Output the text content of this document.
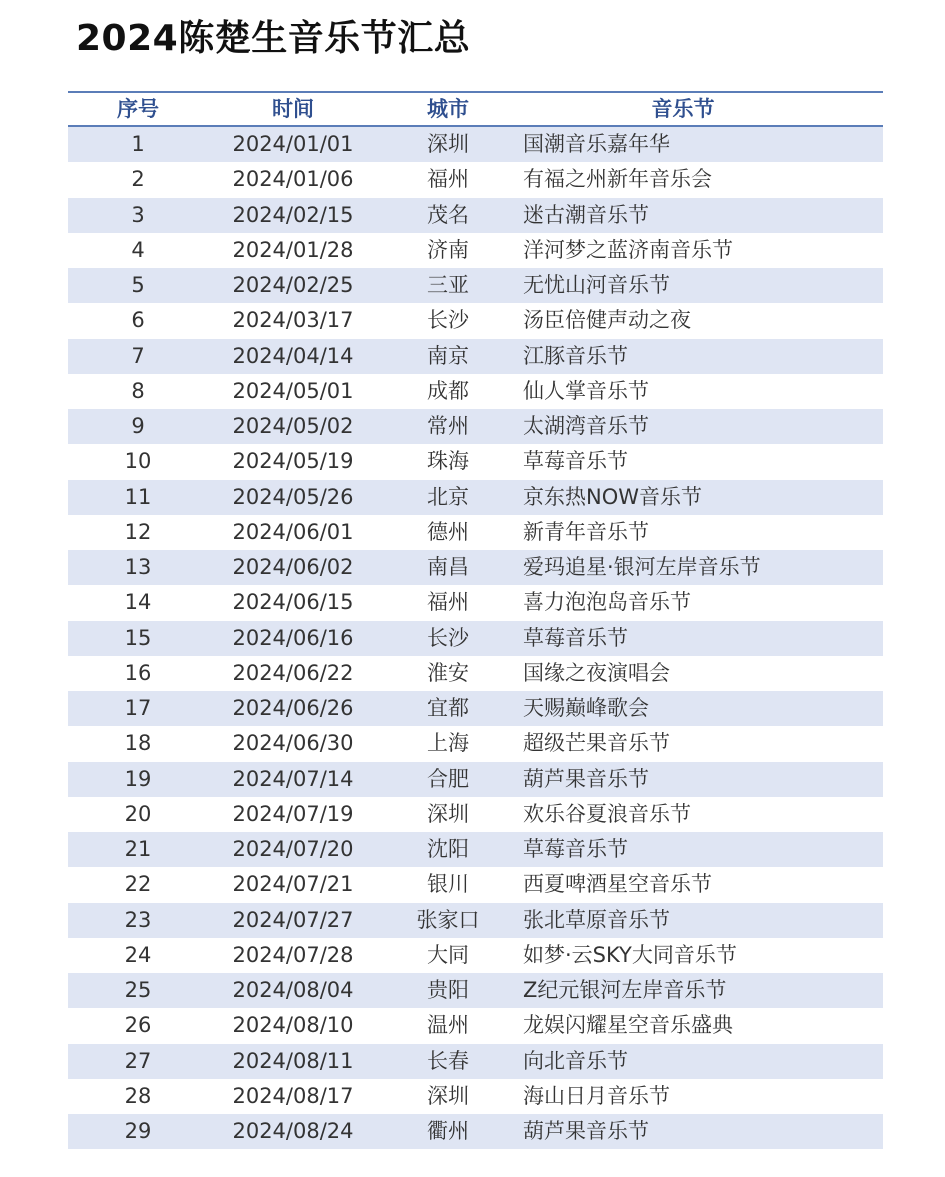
2024陈楚生音乐节汇总
序号	时间	城市	音乐节
1	2024/01/01	深圳	国潮音乐嘉年华
2	2024/01/06	福州	有福之州新年音乐会
3	2024/02/15	茂名	迷古潮音乐节
4	2024/01/28	济南	洋河梦之蓝济南音乐节
5	2024/02/25	三亚	无忧山河音乐节
6	2024/03/17	长沙	汤臣倍健声动之夜
7	2024/04/14	南京	江豚音乐节
8	2024/05/01	成都	仙人掌音乐节
9	2024/05/02	常州	太湖湾音乐节
10	2024/05/19	珠海	草莓音乐节
11	2024/05/26	北京	京东热NOW音乐节
12	2024/06/01	德州	新青年音乐节
13	2024/06/02	南昌	爱玛追星·银河左岸音乐节
14	2024/06/15	福州	喜力泡泡岛音乐节
15	2024/06/16	长沙	草莓音乐节
16	2024/06/22	淮安	国缘之夜演唱会
17	2024/06/26	宜都	天赐巅峰歌会
18	2024/06/30	上海	超级芒果音乐节
19	2024/07/14	合肥	葫芦果音乐节
20	2024/07/19	深圳	欢乐谷夏浪音乐节
21	2024/07/20	沈阳	草莓音乐节
22	2024/07/21	银川	西夏啤酒星空音乐节
23	2024/07/27	张家口	张北草原音乐节
24	2024/07/28	大同	如梦·云SKY大同音乐节
25	2024/08/04	贵阳	Z纪元银河左岸音乐节
26	2024/08/10	温州	龙娱闪耀星空音乐盛典
27	2024/08/11	长春	向北音乐节
28	2024/08/17	深圳	海山日月音乐节
29	2024/08/24	衢州	葫芦果音乐节
